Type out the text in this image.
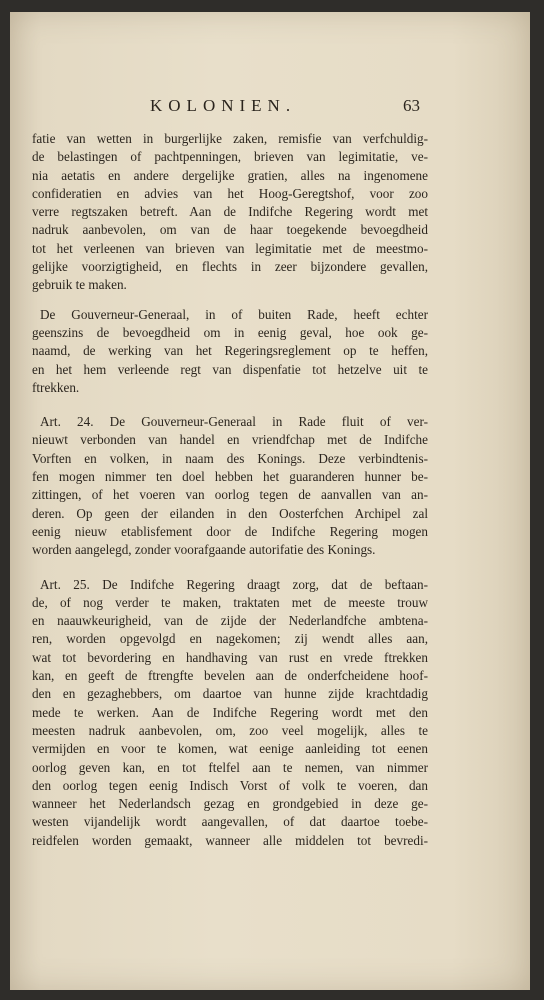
KOLONIEN.	63

fatie van wetten in burgerlijke zaken, remisfie van verfchuldig-
de belastingen of pachtpenningen, brieven van legimitatie, ve-
nia aetatis en andere dergelijke gratien, alles na ingenomene
confideratien en advies van het Hoog-Geregtshof, voor zoo
verre regtszaken betreft. Aan de Indifche Regering wordt met
nadruk aanbevolen, om van de haar toegekende bevoegdheid
tot het verleenen van brieven van legimitatie met de meestmo-
gelijke voorzigtigheid, en flechts in zeer bijzondere gevallen,
gebruik te maken.

De Gouverneur-Generaal, in of buiten Rade, heeft echter
geenszins de bevoegdheid om in eenig geval, hoe ook ge-
naamd, de werking van het Regeringsreglement op te heffen,
en het hem verleende regt van dispenfatie tot hetzelve uit te
ftrekken.

Art. 24. De Gouverneur-Generaal in Rade fluit of ver-
nieuwt verbonden van handel en vriendfchap met de Indifche
Vorften en volken, in naam des Konings. Deze verbindtenis-
fen mogen nimmer ten doel hebben het guaranderen hunner be-
zittingen, of het voeren van oorlog tegen de aanvallen van an-
deren. Op geen der eilanden in den Oosterfchen Archipel zal
eenig nieuw etablisfement door de Indifche Regering mogen
worden aangelegd, zonder voorafgaande autorifatie des Konings.

Art. 25. De Indifche Regering draagt zorg, dat de beftaan-
de, of nog verder te maken, traktaten met de meeste trouw
en naauwkeurigheid, van de zijde der Nederlandfche ambtena-
ren, worden opgevolgd en nagekomen; zij wendt alles aan,
wat tot bevordering en handhaving van rust en vrede ftrekken
kan, en geeft de ftrengfte bevelen aan de onderfcheidene hoof-
den en gezaghebbers, om daartoe van hunne zijde krachtdadig
mede te werken. Aan de Indifche Regering wordt met den
meesten nadruk aanbevolen, om, zoo veel mogelijk, alles te
vermijden en voor te komen, wat eenige aanleiding tot eenen
oorlog geven kan, en tot ftelfel aan te nemen, van nimmer
den oorlog tegen eenig Indisch Vorst of volk te voeren, dan
wanneer het Nederlandsch gezag en grondgebied in deze ge-
westen vijandelijk wordt aangevallen, of dat daartoe toebe-
reidfelen worden gemaakt, wanneer alle middelen tot bevredi-
